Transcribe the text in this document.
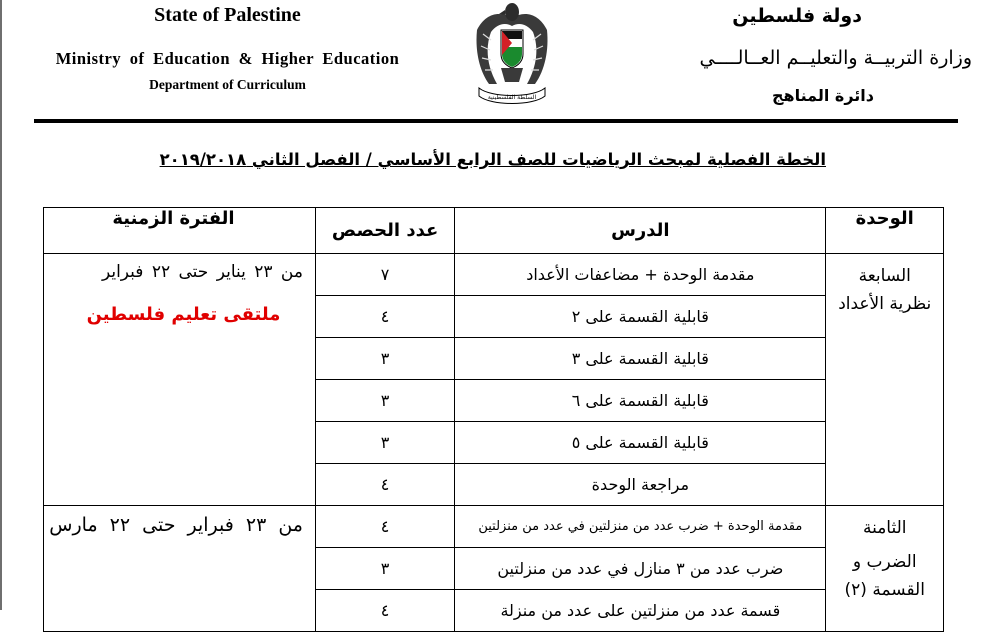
State of Palestine
Ministry of Education & Higher Education
Department of Curriculum
السلطة الفلسطينية
دولة فلسطين
وزارة التربيــة والتعليــم العــالــــي
دائرة المناهج
الخطة الفصلية لمبحث الرياضيات للصف الرابع الأساسي / الفصل الثاني ٢٠١٩/٢٠١٨
الوحدة	الدرس	عدد الحصص	الفترة الزمنية

السابعة
نظرية الأعداد	مقدمة الوحدة + مضاعفات الأعداد	٧	من ٢٣ يناير حتى ٢٢ فبراير
ملتقى تعليم فلسطين

	قابلية القسمة على ٢	٤	
	قابلية القسمة على ٣	٣	
	قابلية القسمة على ٦	٣	
	قابلية القسمة على ٥	٣	
	مراجعة الوحدة	٤	

الثامنة
الضرب و
القسمة (٢)	مقدمة الوحدة + ضرب عدد من منزلتين في عدد من منزلتين	٤	من ٢٣ فبراير حتى ٢٢ مارس

	ضرب عدد من ٣ منازل في عدد من منزلتين	٣	
	قسمة عدد من منزلتين على عدد من منزلة	٤	
